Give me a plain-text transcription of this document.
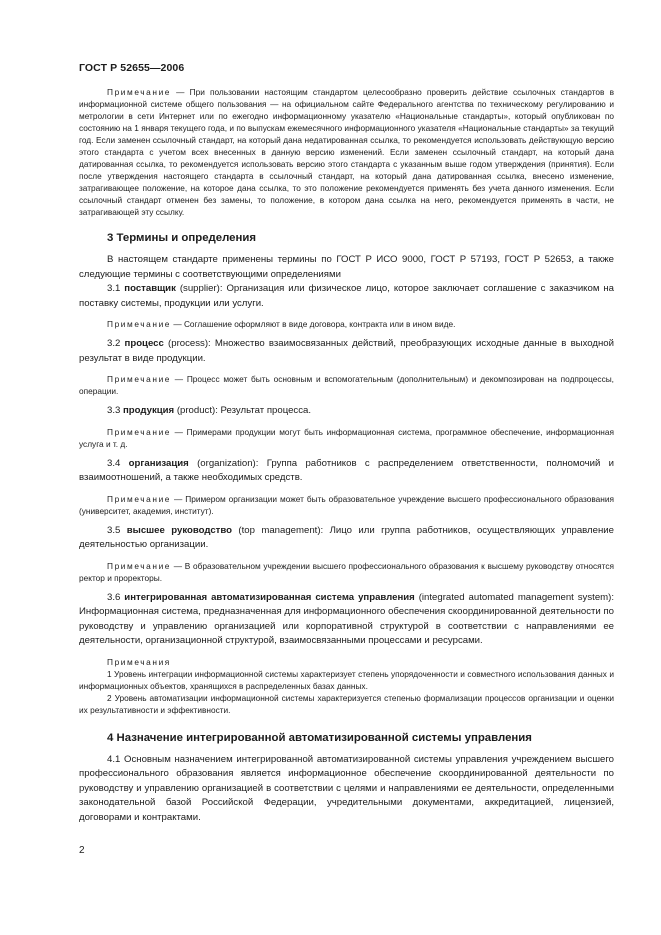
ГОСТ Р 52655—2006

Примечание — При пользовании настоящим стандартом целесообразно проверить действие ссылочных стандартов в информационной системе общего пользования — на официальном сайте Федерального агентства по техническому регулированию и метрологии в сети Интернет или по ежегодно информационному указателю «Национальные стандарты», который опубликован по состоянию на 1 января текущего года, и по выпускам ежемесячного информационного указателя «Национальные стандарты» за текущий год. Если заменен ссылочный стандарт, на который дана недатированная ссылка, то рекомендуется использовать действующую версию этого стандарта с учетом всех внесенных в данную версию изменений. Если заменен ссылочный стандарт, на который дана датированная ссылка, то рекомендуется использовать версию этого стандарта с указанным выше годом утверждения (принятия). Если после утверждения настоящего стандарта в ссылочный стандарт, на который дана датированная ссылка, внесено изменение, затрагивающее положение, на которое дана ссылка, то это положение рекомендуется применять без учета данного изменения. Если ссылочный стандарт отменен без замены, то положение, в котором дана ссылка на него, рекомендуется применять в части, не затрагивающей эту ссылку.

3 Термины и определения

В настоящем стандарте применены термины по ГОСТ Р ИСО 9000, ГОСТ Р 57193, ГОСТ Р 52653, а также следующие термины с соответствующими определениями

3.1 поставщик (supplier): Организация или физическое лицо, которое заключает соглашение с заказчиком на поставку системы, продукции или услуги.

Примечание — Соглашение оформляют в виде договора, контракта или в ином виде.

3.2 процесс (process): Множество взаимосвязанных действий, преобразующих исходные данные в выходной результат в виде продукции.

Примечание — Процесс может быть основным и вспомогательным (дополнительным) и декомпозирован на подпроцессы, операции.

3.3 продукция (product): Результат процесса.

Примечание — Примерами продукции могут быть информационная система, программное обеспечение, информационная услуга и т. д.

3.4 организация (organization): Группа работников с распределением ответственности, полномочий и взаимоотношений, а также необходимых средств.

Примечание — Примером организации может быть образовательное учреждение высшего профессионального образования (университет, академия, институт).

3.5 высшее руководство (top management): Лицо или группа работников, осуществляющих управление деятельностью организации.

Примечание — В образовательном учреждении высшего профессионального образования к высшему руководству относятся ректор и проректоры.

3.6 интегрированная автоматизированная система управления (integrated automated management system): Информационная система, предназначенная для информационного обеспечения скоординированной деятельности по руководству и управлению организацией или корпоративной структурой в соответствии с направлениями ее деятельности, организационной структурой, взаимосвязанными процессами и ресурсами.

Примечания

1 Уровень интеграции информационной системы характеризует степень упорядоченности и совместного использования данных и информационных объектов, хранящихся в распределенных базах данных.

2 Уровень автоматизации информационной системы характеризуется степенью формализации процессов организации и оценки их результативности и эффективности.

4 Назначение интегрированной автоматизированной системы управления

4.1 Основным назначением интегрированной автоматизированной системы управления учреждением высшего профессионального образования является информационное обеспечение скоординированной деятельности по руководству и управлению организацией в соответствии с целями и направлениями ее деятельности, определенными законодательной базой Российской Федерации, учредительными документами, аккредитацией, лицензией, договорами и контрактами.

2
